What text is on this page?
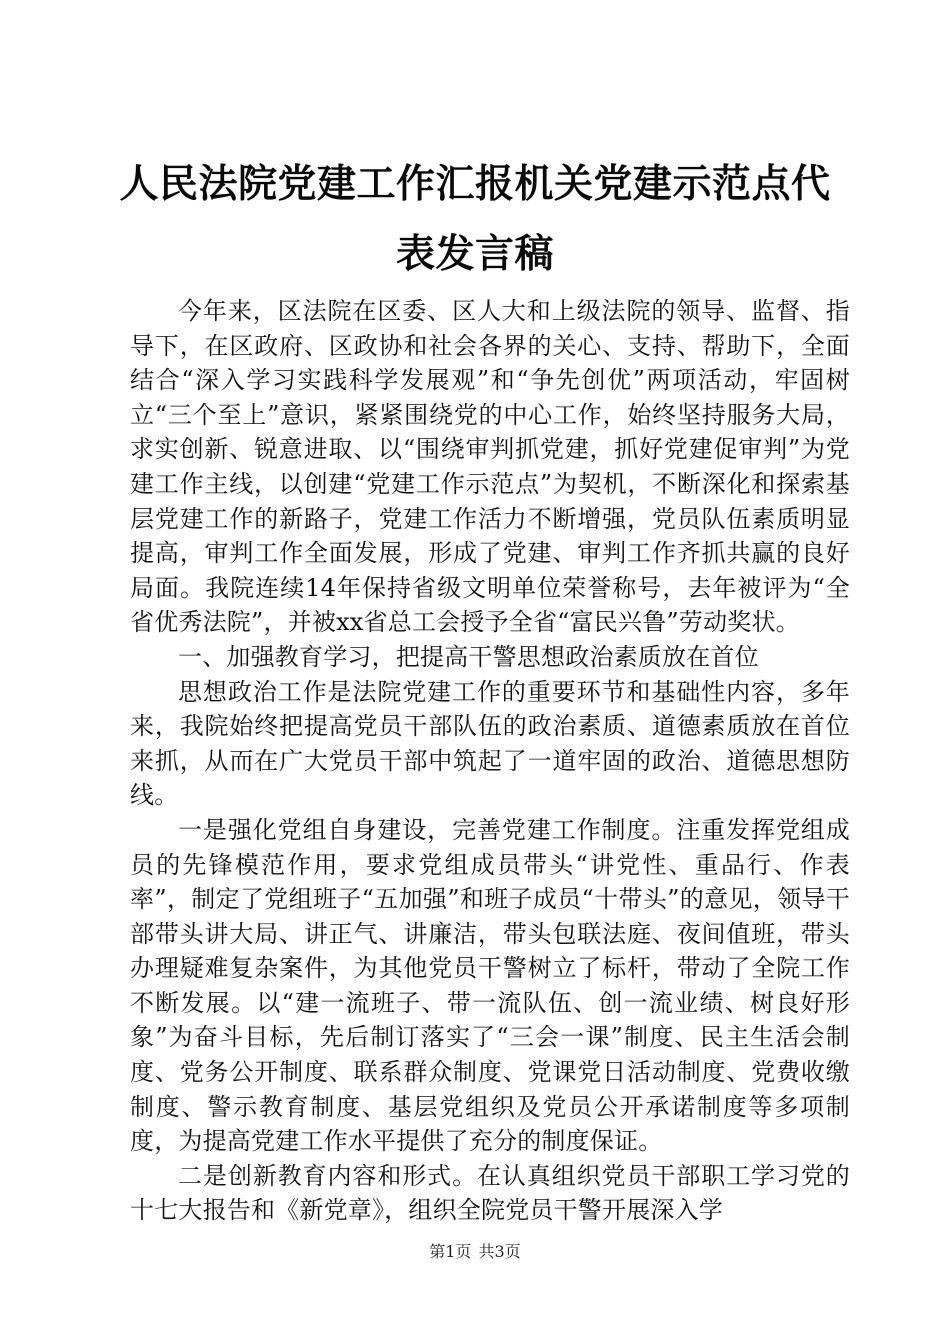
人民法院党建工作汇报机关党建示范点代表发言稿

今年来，区法院在区委、区人大和上级法院的领导、监督、指导下，在区政府、区政协和社会各界的关心、支持、帮助下，全面结合“深入学习实践科学发展观”和“争先创优”两项活动，牢固树立“三个至上”意识，紧紧围绕党的中心工作，始终坚持服务大局，求实创新、锐意进取、以“围绕审判抓党建，抓好党建促审判”为党建工作主线，以创建“党建工作示范点”为契机，不断深化和探索基层党建工作的新路子，党建工作活力不断增强，党员队伍素质明显提高，审判工作全面发展，形成了党建、审判工作齐抓共赢的良好局面。我院连续14年保持省级文明单位荣誉称号，去年被评为“全省优秀法院”，并被xx省总工会授予全省“富民兴鲁”劳动奖状。

一、加强教育学习，把提高干警思想政治素质放在首位

思想政治工作是法院党建工作的重要环节和基础性内容，多年来，我院始终把提高党员干部队伍的政治素质、道德素质放在首位来抓，从而在广大党员干部中筑起了一道牢固的政治、道德思想防线。

一是强化党组自身建设，完善党建工作制度。注重发挥党组成员的先锋模范作用，要求党组成员带头“讲党性、重品行、作表率”，制定了党组班子“五加强”和班子成员“十带头”的意见，领导干部带头讲大局、讲正气、讲廉洁，带头包联法庭、夜间值班，带头办理疑难复杂案件，为其他党员干警树立了标杆，带动了全院工作不断发展。以“建一流班子、带一流队伍、创一流业绩、树良好形象”为奋斗目标，先后制订落实了“三会一课”制度、民主生活会制度、党务公开制度、联系群众制度、党课党日活动制度、党费收缴制度、警示教育制度、基层党组织及党员公开承诺制度等多项制度，为提高党建工作水平提供了充分的制度保证。

二是创新教育内容和形式。在认真组织党员干部职工学习党的十七大报告和《新党章》，组织全院党员干警开展深入学

第1页 共3页
